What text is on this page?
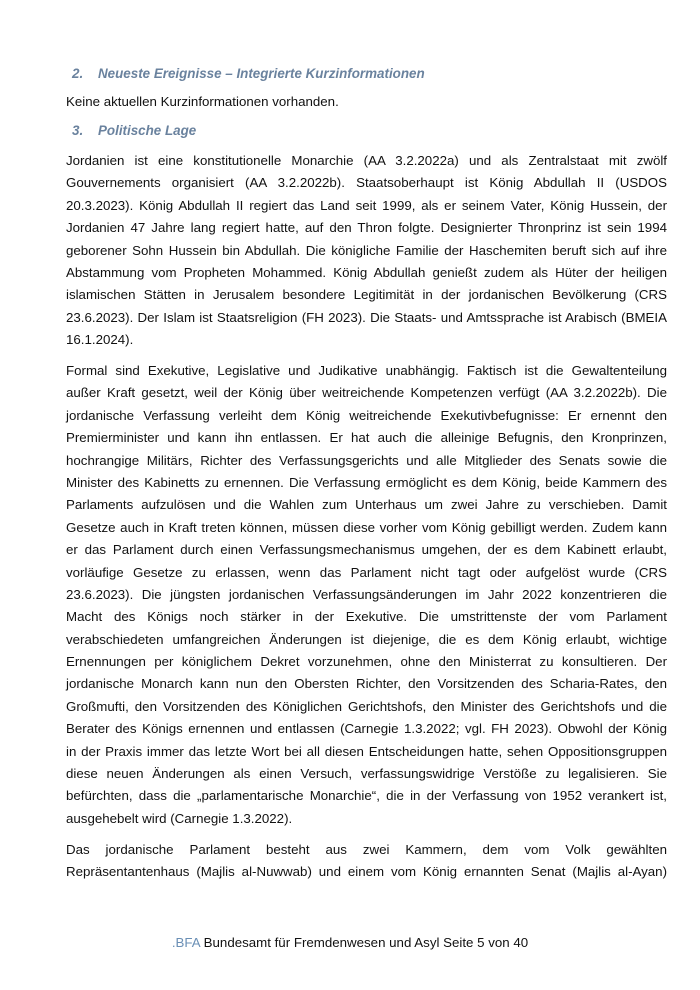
2. Neueste Ereignisse – Integrierte Kurzinformationen
Keine aktuellen Kurzinformationen vorhanden.
3. Politische Lage
Jordanien ist eine konstitutionelle Monarchie (AA 3.2.2022a) und als Zentralstaat mit zwölf
Gouvernements organisiert (AA 3.2.2022b). Staatsoberhaupt ist König Abdullah II (USDOS
20.3.2023). König Abdullah II regiert das Land seit 1999, als er seinem Vater, König Hussein, der
Jordanien 47 Jahre lang regiert hatte, auf den Thron folgte. Designierter Thronprinz ist sein 1994
geborener Sohn Hussein bin Abdullah. Die königliche Familie der Haschemiten beruft sich auf ihre
Abstammung vom Propheten Mohammed. König Abdullah genießt zudem als Hüter der heiligen
islamischen Stätten in Jerusalem besondere Legitimität in der jordanischen Bevölkerung (CRS
23.6.2023). Der Islam ist Staatsreligion (FH 2023). Die Staats- und Amtssprache ist Arabisch (BMEIA
16.1.2024).
Formal sind Exekutive, Legislative und Judikative unabhängig. Faktisch ist die Gewaltenteilung
außer Kraft gesetzt, weil der König über weitreichende Kompetenzen verfügt (AA 3.2.2022b). Die
jordanische Verfassung verleiht dem König weitreichende Exekutivbefugnisse: Er ernennt den
Premierminister und kann ihn entlassen. Er hat auch die alleinige Befugnis, den Kronprinzen,
hochrangige Militärs, Richter des Verfassungsgerichts und alle Mitglieder des Senats sowie die
Minister des Kabinetts zu ernennen. Die Verfassung ermöglicht es dem König, beide Kammern des
Parlaments aufzulösen und die Wahlen zum Unterhaus um zwei Jahre zu verschieben. Damit
Gesetze auch in Kraft treten können, müssen diese vorher vom König gebilligt werden. Zudem kann
er das Parlament durch einen Verfassungsmechanismus umgehen, der es dem Kabinett erlaubt,
vorläufige Gesetze zu erlassen, wenn das Parlament nicht tagt oder aufgelöst wurde (CRS
23.6.2023). Die jüngsten jordanischen Verfassungsänderungen im Jahr 2022 konzentrieren die
Macht des Königs noch stärker in der Exekutive. Die umstrittenste der vom Parlament
verabschiedeten umfangreichen Änderungen ist diejenige, die es dem König erlaubt, wichtige
Ernennungen per königlichem Dekret vorzunehmen, ohne den Ministerrat zu konsultieren. Der
jordanische Monarch kann nun den Obersten Richter, den Vorsitzenden des Scharia-Rates, den
Großmufti, den Vorsitzenden des Königlichen Gerichtshofs, den Minister des Gerichtshofs und die
Berater des Königs ernennen und entlassen (Carnegie 1.3.2022; vgl. FH 2023). Obwohl der König
in der Praxis immer das letzte Wort bei all diesen Entscheidungen hatte, sehen Oppositionsgruppen
diese neuen Änderungen als einen Versuch, verfassungswidrige Verstöße zu legalisieren. Sie
befürchten, dass die „parlamentarische Monarchie“, die in der Verfassung von 1952 verankert ist,
ausgehebelt wird (Carnegie 1.3.2022).
Das jordanische Parlament besteht aus zwei Kammern, dem vom Volk gewählten
Repräsentantenhaus (Majlis al-Nuwwab) und einem vom König ernannten Senat (Majlis al-Ayan)
.BFA Bundesamt für Fremdenwesen und Asyl Seite 5 von 40
